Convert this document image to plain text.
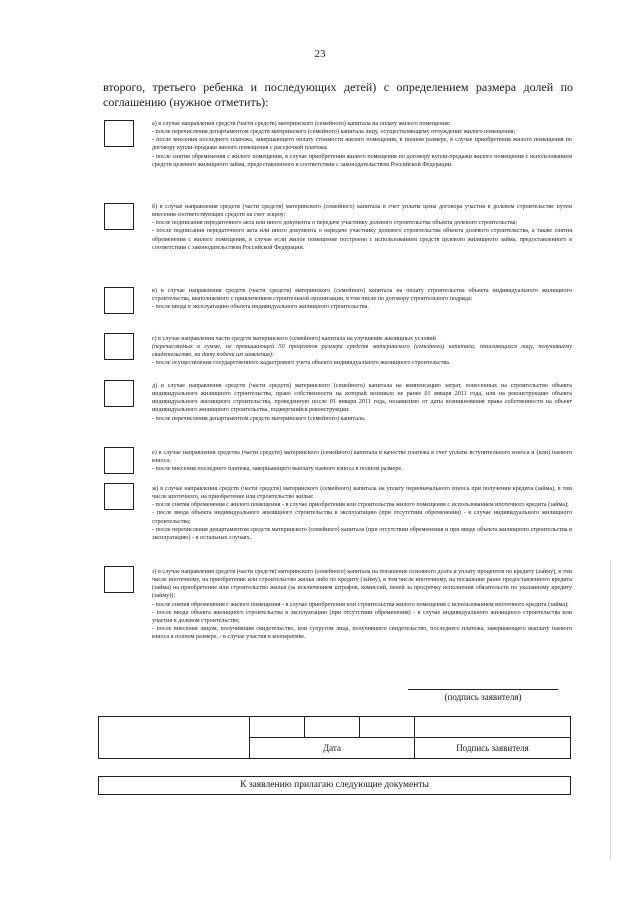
23
второго, третьего ребенка и последующих детей) с определением размера долей по соглашению (нужное отметить):

а) в случае направления средств (части средств) материнского (семейного) капитала на оплату жилого помещения:

- после перечисления департаментом средств материнского (семейного) капитала лицу, осуществляющему отчуждение жилого помещения;

- после внесения последнего платежа, завершающего оплату стоимости жилого помещения, в полном размере, в случае приобретения жилого помещения по договору купли-продажи жилого помещения с рассрочкой платежа;

- после снятия обременения с жилого помещения, в случае приобретения жилого помещения по договору купли-продажи жилого помещения с использованием средств целевого жилищного займа, предоставленного в соответствии с законодательством Российской Федерации.

б) в случае направления средств (части средств) материнского (семейного) капитала в счет уплаты цены договора участия в долевом строительстве путем внесения соответствующих средств на счет эскроу:

- после подписания передаточного акта или иного документа о передаче участнику долевого строительства объекта долевого строительства;

- после подписания передаточного акта или иного документа о передаче участнику долевого строительства объекта долевого строительства, а также снятия обременения с жилого помещения, в случае если жилое помещение построено с использованием средств целевого жилищного займа, предоставленного в соответствии с законодательством Российской Федерации.

в) в случае направления средств (части средств) материнского (семейного) капитала на оплату строительства объекта индивидуального жилищного строительства, выполняемого с привлечением строительной организации, в том числе по договору строительного подряда:

- после ввода в эксплуатацию объекта индивидуального жилищного строительства.

г) в случае направления части средств материнского (семейного) капитала на улучшение жилищных условий

(перечисляемых в сумме, не превышающей 50 процентов размера средств материнского (семейного) капитала, полагающихся лицу, получившему свидетельство, на дату подачи им заявления):

- после осуществления государственного кадастрового учета объекта индивидуального жилищного строительства.

д) в случае направления средств (части средств) материнского (семейного) капитала на компенсацию затрат, понесенных на строительство объекта индивидуального жилищного строительства, право собственности на который возникло не ранее 01 января 2011 года, или на реконструкцию объекта индивидуального жилищного строительства, проведенную после 01 января 2011 года, независимо от даты возникновения права собственности на объект индивидуального жилищного строительства, подвергшийся реконструкции:

- после перечисления департаментом средств материнского (семейного) капитала.

е) в случае направления средства (части средств) материнского (семейного) капитала в качестве платежа в счет уплаты вступительного взноса и (или) паевого взноса:

- после внесения последнего платежа, завершающего выплату паевого взноса в полном размере.

ж) в случае направления средств (части средств) материнского (семейного) капитала на уплату первоначального взноса при получении кредита (займа), в том числе ипотечного, на приобретение или строительство жилья:

- после снятия обременения с жилого помещения - в случае приобретения или строительства жилого помещения с использованием ипотечного кредита (займа);

- после ввода объекта индивидуального жилищного строительства в эксплуатацию (при отсутствии обременения) - в случае индивидуального жилищного строительства;

- после перечисления департаментом средств материнского (семейного) капитала (при отсутствии обременения и при вводе объекта жилищного строительства в эксплуатацию) - в остальных случаях.

з) в случае направления средств (части средств) материнского (семейного) капитала на погашение основного долга и уплату процентов по кредиту (займу), в том числе ипотечному, на приобретение или строительство жилья либо по кредиту (займу), в том числе ипотечному, на погашение ранее предоставленного кредита (займа) на приобретение или строительство жилья (за исключением штрафов, комиссий, пеней за просрочку исполнения обязательств по указанному кредиту (займу)):

- после снятия обременения с жилого помещения - в случае приобретения или строительства жилого помещения с использованием ипотечного кредита (займа);

- после ввода объекта жилищного строительства в эксплуатацию (при отсутствии обременения) - в случае индивидуального жилищного строительства или участия в долевом строительстве;

- после внесения лицом, получившим свидетельство, или супругом лица, получившего свидетельство, последнего платежа, завершающего выплату паевого взноса в полном размере, - в случае участия в кооперативе.

(подпись заявителя)

	Дата			Подпись заявителя
К заявлению прилагаю следующие документы
